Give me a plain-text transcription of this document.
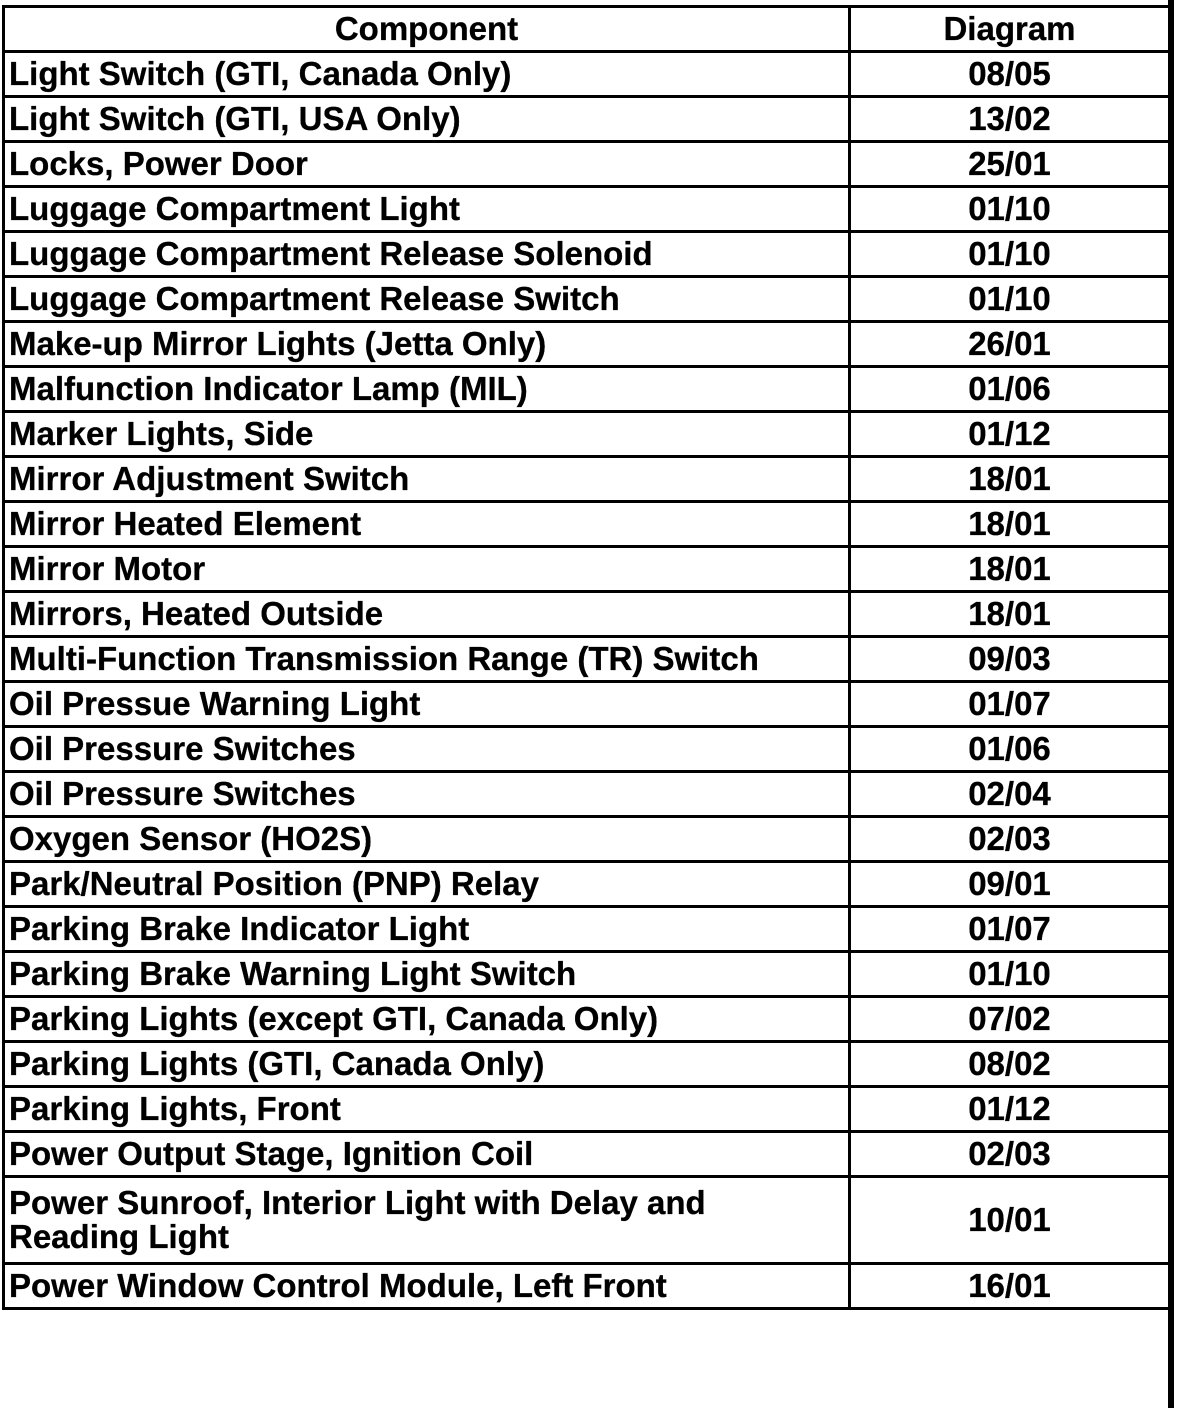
Component	Diagram
Light Switch (GTI, Canada Only)	08/05
Light Switch (GTI, USA Only)	13/02
Locks, Power Door	25/01
Luggage Compartment Light	01/10
Luggage Compartment Release Solenoid	01/10
Luggage Compartment Release Switch	01/10
Make-up Mirror Lights (Jetta Only)	26/01
Malfunction Indicator Lamp (MIL)	01/06
Marker Lights, Side	01/12
Mirror Adjustment Switch	18/01
Mirror Heated Element	18/01
Mirror Motor	18/01
Mirrors, Heated Outside	18/01
Multi-Function Transmission Range (TR) Switch	09/03
Oil Pressue Warning Light	01/07
Oil Pressure Switches	01/06
Oil Pressure Switches	02/04
Oxygen Sensor (HO2S)	02/03
Park/Neutral Position (PNP) Relay	09/01
Parking Brake Indicator Light	01/07
Parking Brake Warning Light Switch	01/10
Parking Lights (except GTI, Canada Only)	07/02
Parking Lights (GTI, Canada Only)	08/02
Parking Lights, Front	01/12
Power Output Stage, Ignition Coil	02/03
Power Sunroof, Interior Light with Delay and Reading Light	10/01
Power Window Control Module, Left Front	16/01
